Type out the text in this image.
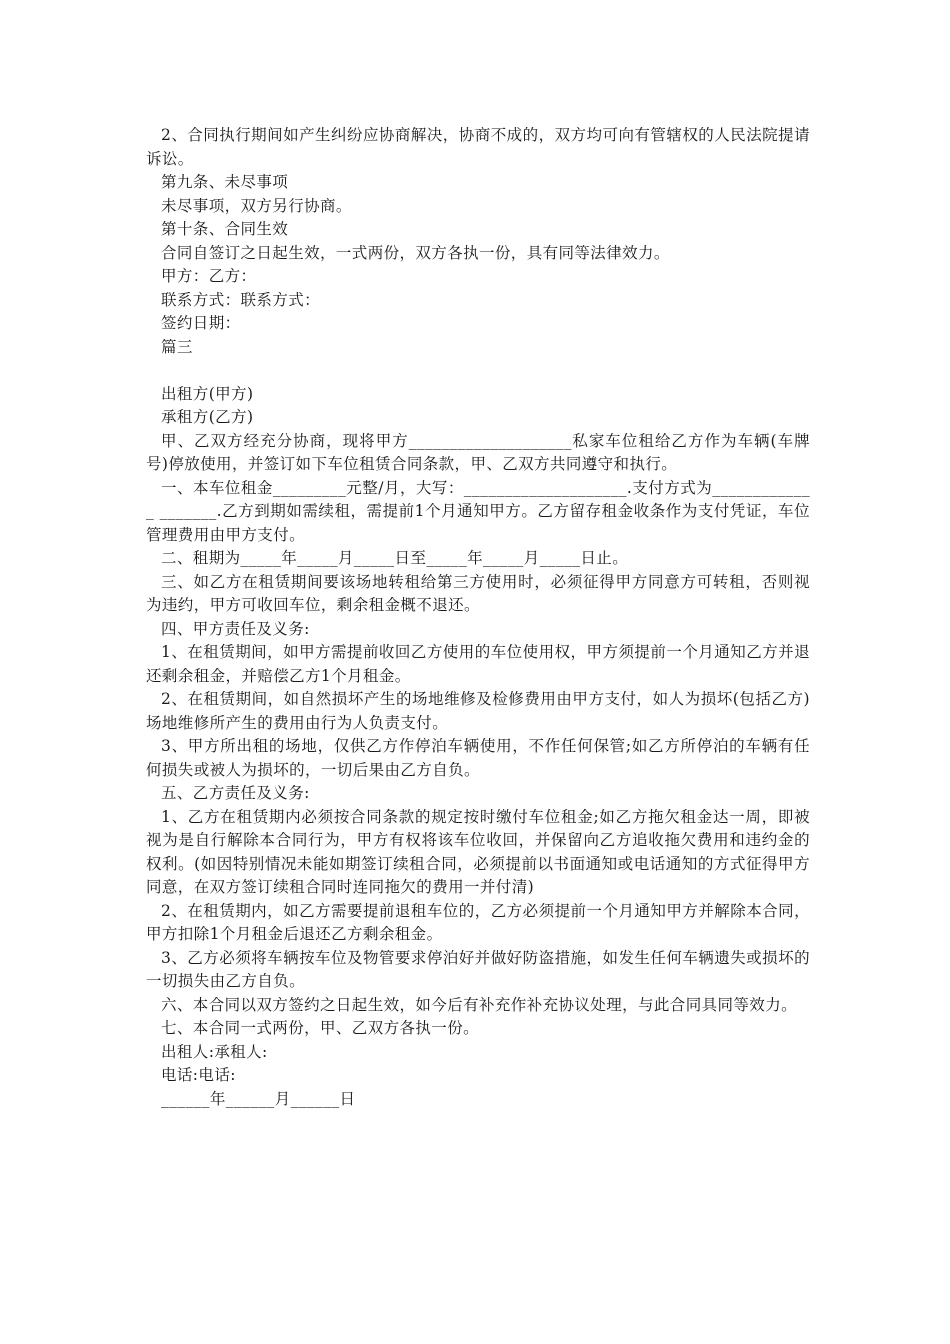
2、合同执行期间如产生纠纷应协商解决，协商不成的，双方均可向有管辖权的人民法院提请诉讼。

第九条、未尽事项

未尽事项，双方另行协商。

第十条、合同生效

合同自签订之日起生效，一式两份，双方各执一份，具有同等法律效力。

甲方：乙方：

联系方式：联系方式：

签约日期：

篇三

出租方(甲方)

承租方(乙方)

甲、乙双方经充分协商，现将甲方____________________私家车位租给乙方作为车辆(车牌号)停放使用，并签订如下车位租赁合同条款，甲、乙双方共同遵守和执行。

一、本车位租金_________元整/月，大写：____________________.支付方式为_____________ _______.乙方到期如需续租，需提前1个月通知甲方。乙方留存租金收条作为支付凭证，车位管理费用由甲方支付。

二、租期为_____年_____月_____日至_____年_____月_____日止。

三、如乙方在租赁期间要该场地转租给第三方使用时，必须征得甲方同意方可转租，否则视为违约，甲方可收回车位，剩余租金概不退还。

四、甲方责任及义务:

1、在租赁期间，如甲方需提前收回乙方使用的车位使用权，甲方须提前一个月通知乙方并退还剩余租金，并赔偿乙方1个月租金。

2、在租赁期间，如自然损坏产生的场地维修及检修费用由甲方支付，如人为损坏(包括乙方)场地维修所产生的费用由行为人负责支付。

3、甲方所出租的场地，仅供乙方作停泊车辆使用，不作任何保管;如乙方所停泊的车辆有任何损失或被人为损坏的，一切后果由乙方自负。

五、乙方责任及义务:

1、乙方在租赁期内必须按合同条款的规定按时缴付车位租金;如乙方拖欠租金达一周，即被视为是自行解除本合同行为，甲方有权将该车位收回，并保留向乙方追收拖欠费用和违约金的权利。(如因特别情况未能如期签订续租合同，必须提前以书面通知或电话通知的方式征得甲方同意，在双方签订续租合同时连同拖欠的费用一并付清)

2、在租赁期内，如乙方需要提前退租车位的，乙方必须提前一个月通知甲方并解除本合同，甲方扣除1个月租金后退还乙方剩余租金。

3、乙方必须将车辆按车位及物管要求停泊好并做好防盗措施，如发生任何车辆遗失或损坏的一切损失由乙方自负。

六、本合同以双方签约之日起生效，如今后有补充作补充协议处理，与此合同具同等效力。

七、本合同一式两份，甲、乙双方各执一份。

出租人:承租人:

电话:电话:

______年______月______日
